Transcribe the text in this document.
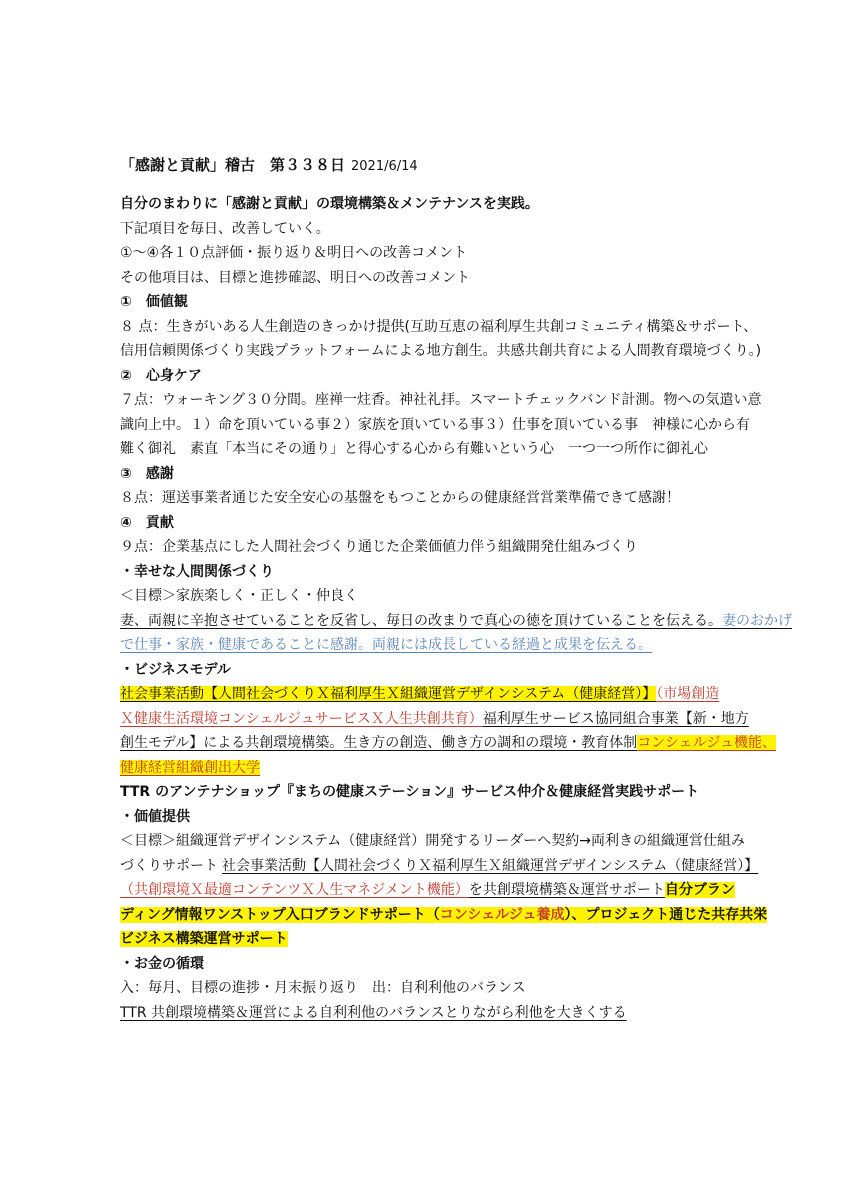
「感謝と貢献」稽古　第３３８日 2021/6/14

自分のまわりに「感謝と貢献」の環境構築＆メンテナンスを実践。

下記項目を毎日、改善していく。

①～④各１０点評価・振り返り＆明日への改善コメント

その他項目は、目標と進捗確認、明日への改善コメント

①　価値観

８ 点：生きがいある人生創造のきっかけ提供(互助互恵の福利厚生共創コミュニティ構築＆サポート、

信用信頼関係づくり実践プラットフォームによる地方創生。共感共創共育による人間教育環境づくり。)

②　心身ケア

７点：ウォーキング３０分間。座禅一炷香。神社礼拝。スマートチェックバンド計測。物への気遣い意

識向上中。１）命を頂いている事２）家族を頂いている事３）仕事を頂いている事　神様に心から有

難く御礼　素直「本当にその通り」と得心する心から有難いという心　一つ一つ所作に御礼心

③　感謝

８点：運送事業者通じた安全安心の基盤をもつことからの健康経営営業準備できて感謝！

④　貢献

９点：企業基点にした人間社会づくり通じた企業価値力伴う組織開発仕組みづくり

・幸せな人間関係づくり

＜目標＞家族楽しく・正しく・仲良く

妻、両親に辛抱させていることを反省し、毎日の改まりで真心の徳を頂けていることを伝える。妻のおかげ

で仕事・家族・健康であることに感謝。両親には成長している経過と成果を伝える。

・ビジネスモデル

社会事業活動【人間社会づくりＸ福利厚生Ｘ組織運営デザインシステム（健康経営）】（市場創造

Ｘ健康生活環境コンシェルジュサービスＸ人生共創共育）福利厚生サービス協同組合事業【新・地方

創生モデル】による共創環境構築。生き方の創造、働き方の調和の環境・教育体制コンシェルジュ機能、

健康経営組織創出大学

TTR のアンテナショップ『まちの健康ステーション』サービス仲介＆健康経営実践サポート

・価値提供

＜目標＞組織運営デザインシステム（健康経営）開発するリーダーへ契約→両利きの組織運営仕組み

づくりサポート 社会事業活動【人間社会づくりＸ福利厚生Ｘ組織運営デザインシステム（健康経営）】

（共創環境Ｘ最適コンテンツＸ人生マネジメント機能）を共創環境構築＆運営サポート自分ブラン

ディング情報ワンストップ入口ブランドサポート（コンシェルジュ養成）、プロジェクト通じた共存共栄

ビジネス構築運営サポート

・お金の循環

入：毎月、目標の進捗・月末振り返り　出：自利利他のバランス

TTR 共創環境構築＆運営による自利利他のバランスとりながら利他を大きくする
